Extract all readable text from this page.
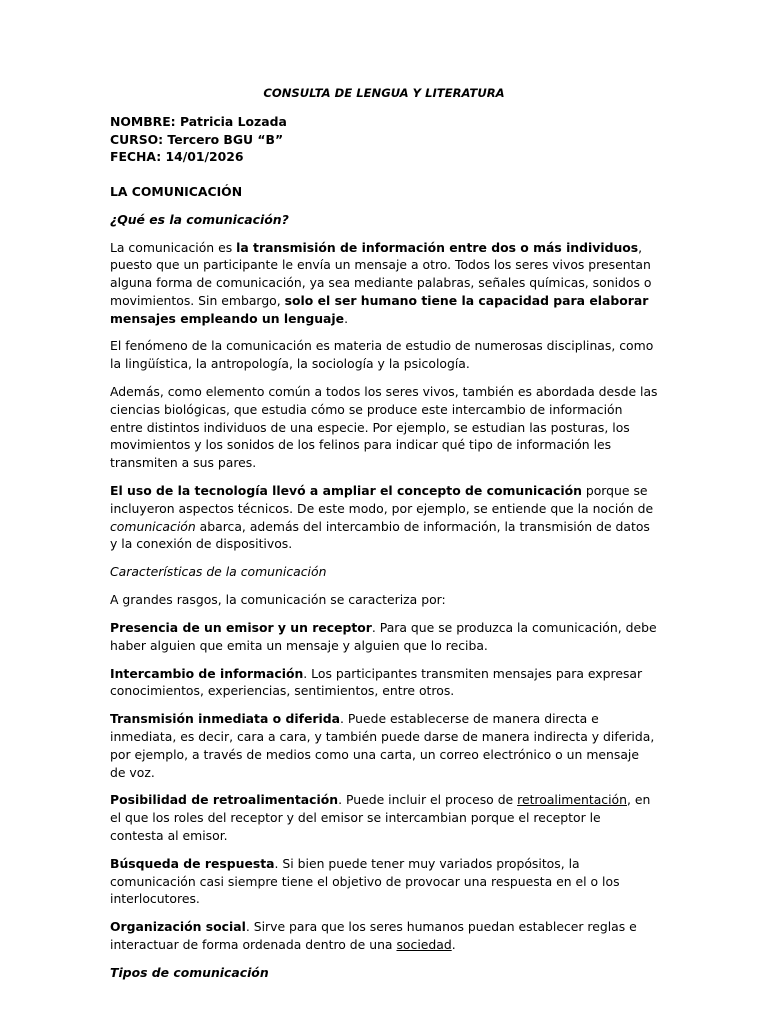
CONSULTA DE LENGUA Y LITERATURA

NOMBRE: Patricia Lozada

CURSO: Tercero BGU “B”

FECHA: 14/01/2026

LA COMUNICACIÓN

¿Qué es la comunicación?

La comunicación es la transmisión de información entre dos o más individuos, puesto que un participante le envía un mensaje a otro. Todos los seres vivos presentan alguna forma de comunicación, ya sea mediante palabras, señales químicas, sonidos o movimientos. Sin embargo, solo el ser humano tiene la capacidad para elaborar mensajes empleando un lenguaje.

El fenómeno de la comunicación es materia de estudio de numerosas disciplinas, como la lingüística, la antropología, la sociología y la psicología.

Además, como elemento común a todos los seres vivos, también es abordada desde las ciencias biológicas, que estudia cómo se produce este intercambio de información entre distintos individuos de una especie. Por ejemplo, se estudian las posturas, los movimientos y los sonidos de los felinos para indicar qué tipo de información les transmiten a sus pares.

El uso de la tecnología llevó a ampliar el concepto de comunicación porque se incluyeron aspectos técnicos. De este modo, por ejemplo, se entiende que la noción de comunicación abarca, además del intercambio de información, la transmisión de datos y la conexión de dispositivos.

Características de la comunicación

A grandes rasgos, la comunicación se caracteriza por:

Presencia de un emisor y un receptor. Para que se produzca la comunicación, debe haber alguien que emita un mensaje y alguien que lo reciba.

Intercambio de información. Los participantes transmiten mensajes para expresar conocimientos, experiencias, sentimientos, entre otros.

Transmisión inmediata o diferida. Puede establecerse de manera directa e inmediata, es decir, cara a cara, y también puede darse de manera indirecta y diferida, por ejemplo, a través de medios como una carta, un correo electrónico o un mensaje de voz.

Posibilidad de retroalimentación. Puede incluir el proceso de retroalimentación, en el que los roles del receptor y del emisor se intercambian porque el receptor le contesta al emisor.

Búsqueda de respuesta. Si bien puede tener muy variados propósitos, la comunicación casi siempre tiene el objetivo de provocar una respuesta en el o los interlocutores.

Organización social. Sirve para que los seres humanos puedan establecer reglas e interactuar de forma ordenada dentro de una sociedad.

Tipos de comunicación
